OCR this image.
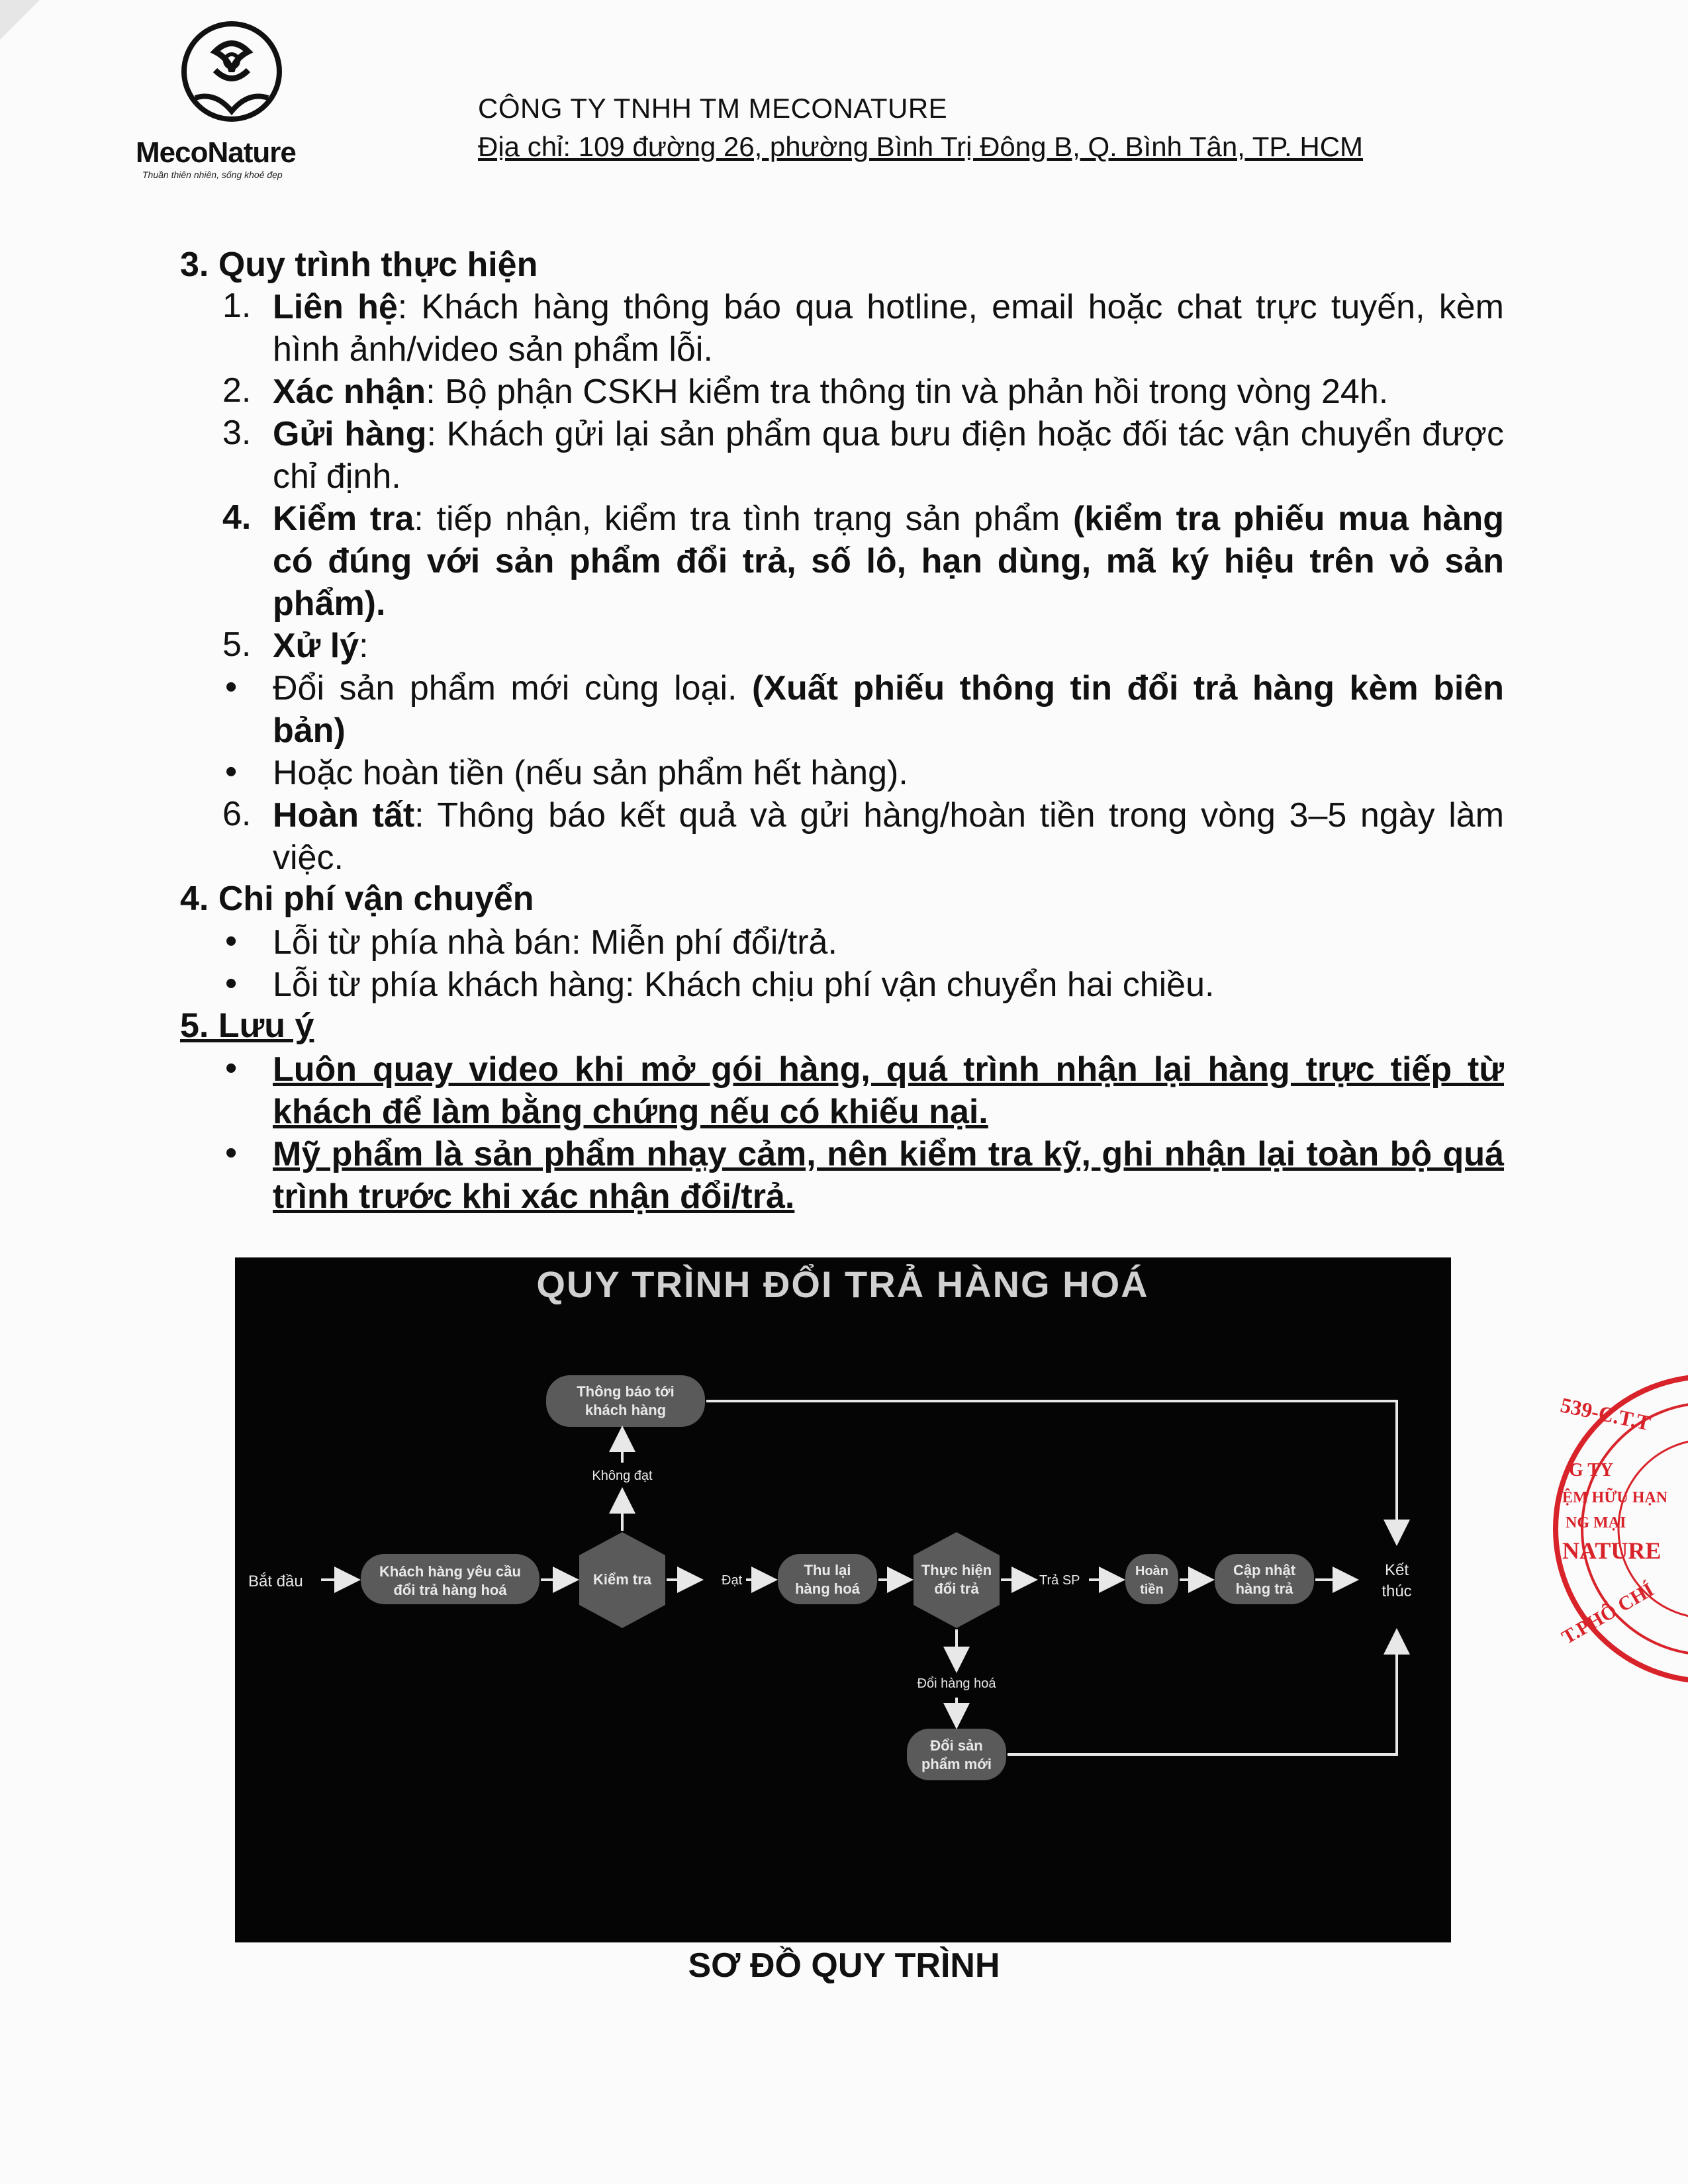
MecoNature
Thuần thiên nhiên, sống khoẻ đẹp
CÔNG TY TNHH TM MECONATURE
Địa chỉ: 109 đường 26, phường Bình Trị Đông B, Q. Bình Tân, TP. HCM
3. Quy trình thực hiện
1. Liên hệ: Khách hàng thông báo qua hotline, email hoặc chat trực tuyến, kèm hình ảnh/video sản phẩm lỗi.
2. Xác nhận: Bộ phận CSKH kiểm tra thông tin và phản hồi trong vòng 24h.
3. Gửi hàng: Khách gửi lại sản phẩm qua bưu điện hoặc đối tác vận chuyển được chỉ định.
4. Kiểm tra: tiếp nhận, kiểm tra tình trạng sản phẩm (kiểm tra phiếu mua hàng có đúng với sản phẩm đổi trả, số lô, hạn dùng, mã ký hiệu trên vỏ sản phẩm).
5. Xử lý:
• Đổi sản phẩm mới cùng loại. (Xuất phiếu thông tin đổi trả hàng kèm biên bản)
• Hoặc hoàn tiền (nếu sản phẩm hết hàng).
6. Hoàn tất: Thông báo kết quả và gửi hàng/hoàn tiền trong vòng 3–5 ngày làm việc.
4. Chi phí vận chuyển
• Lỗi từ phía nhà bán: Miễn phí đổi/trả.
• Lỗi từ phía khách hàng: Khách chịu phí vận chuyển hai chiều.
5. Lưu ý
• Luôn quay video khi mở gói hàng, quá trình nhận lại hàng trực tiếp từ khách để làm bằng chứng nếu có khiếu nại.
• Mỹ phẩm là sản phẩm nhạy cảm, nên kiểm tra kỹ, ghi nhận lại toàn bộ quá trình trước khi xác nhận đổi/trả.
QUY TRÌNH ĐỔI TRẢ HÀNG HOÁ
Bắt đầu
Khách hàng yêu cầu
đổi trả hàng hoá
Kiểm tra	Đạt
Thông báo tới
khách hàng
Không đạt
Thu lại
hàng hoá
Thực hiện
đổi trả	Trả SP
Hoàn
tiền
Cập nhật
hàng trả
Kết
thúc
Đổi hàng hoá
Đổi sản
phẩm mới
SƠ ĐỒ QUY TRÌNH
539-C.T.T
G TY
ỆM HỮU HẠN
NG MẠI
NATURE
T.PHỐ CHÍ
